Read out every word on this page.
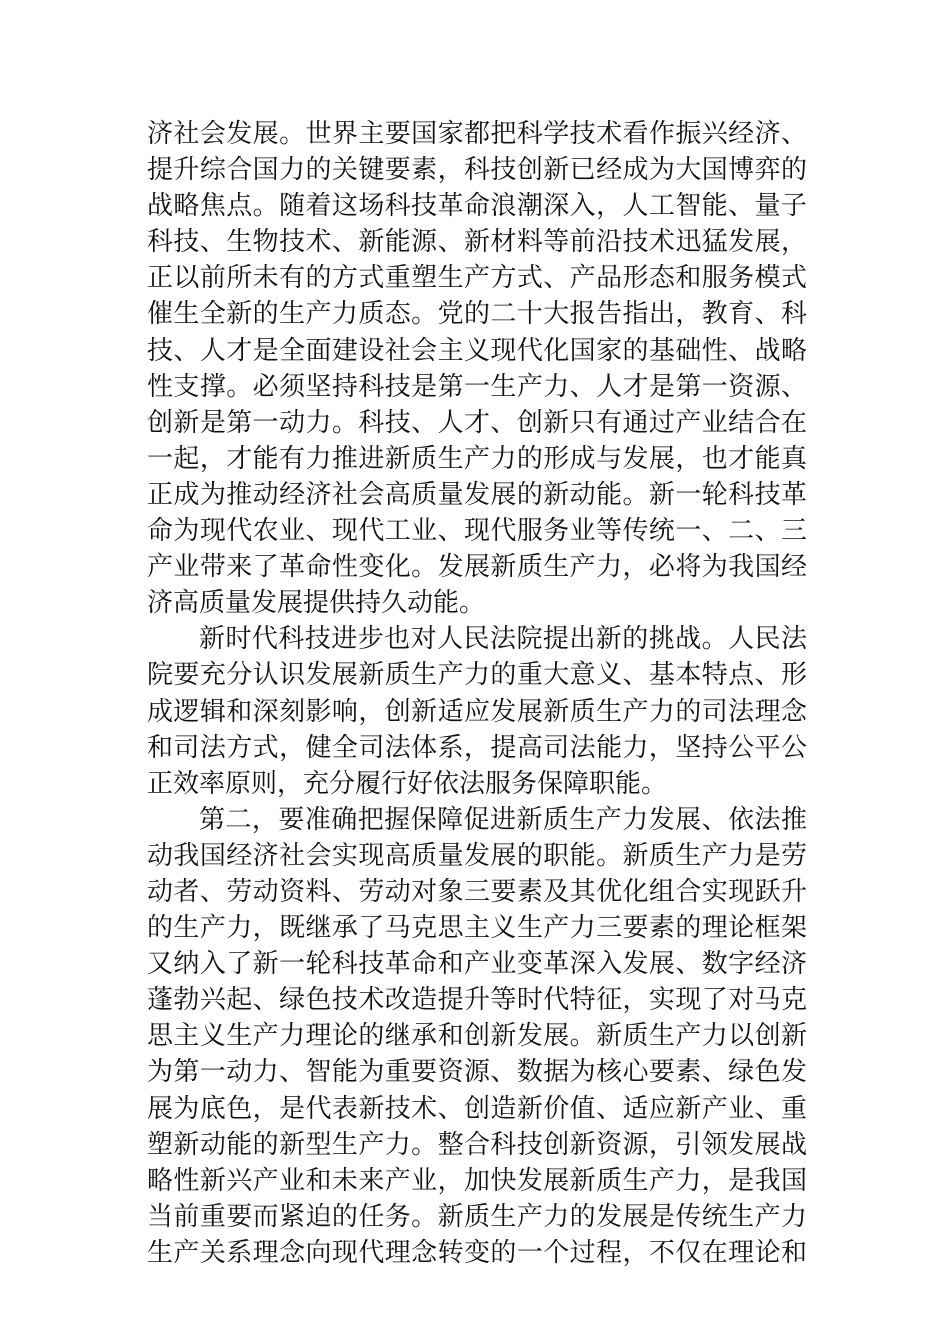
济社会发展。世界主要国家都把科学技术看作振兴经济、
提升综合国力的关键要素，科技创新已经成为大国博弈的
战略焦点。随着这场科技革命浪潮深入，人工智能、量子
科技、生物技术、新能源、新材料等前沿技术迅猛发展，
正以前所未有的方式重塑生产方式、产品形态和服务模式
催生全新的生产力质态。党的二十大报告指出，教育、科
技、人才是全面建设社会主义现代化国家的基础性、战略
性支撑。必须坚持科技是第一生产力、人才是第一资源、
创新是第一动力。科技、人才、创新只有通过产业结合在
一起，才能有力推进新质生产力的形成与发展，也才能真
正成为推动经济社会高质量发展的新动能。新一轮科技革
命为现代农业、现代工业、现代服务业等传统一、二、三
产业带来了革命性变化。发展新质生产力，必将为我国经
济高质量发展提供持久动能。
新时代科技进步也对人民法院提出新的挑战。人民法
院要充分认识发展新质生产力的重大意义、基本特点、形
成逻辑和深刻影响，创新适应发展新质生产力的司法理念
和司法方式，健全司法体系，提高司法能力，坚持公平公
正效率原则，充分履行好依法服务保障职能。
第二，要准确把握保障促进新质生产力发展、依法推
动我国经济社会实现高质量发展的职能。新质生产力是劳
动者、劳动资料、劳动对象三要素及其优化组合实现跃升
的生产力，既继承了马克思主义生产力三要素的理论框架
又纳入了新一轮科技革命和产业变革深入发展、数字经济
蓬勃兴起、绿色技术改造提升等时代特征，实现了对马克
思主义生产力理论的继承和创新发展。新质生产力以创新
为第一动力、智能为重要资源、数据为核心要素、绿色发
展为底色，是代表新技术、创造新价值、适应新产业、重
塑新动能的新型生产力。整合科技创新资源，引领发展战
略性新兴产业和未来产业，加快发展新质生产力，是我国
当前重要而紧迫的任务。新质生产力的发展是传统生产力
生产关系理念向现代理念转变的一个过程，不仅在理论和
